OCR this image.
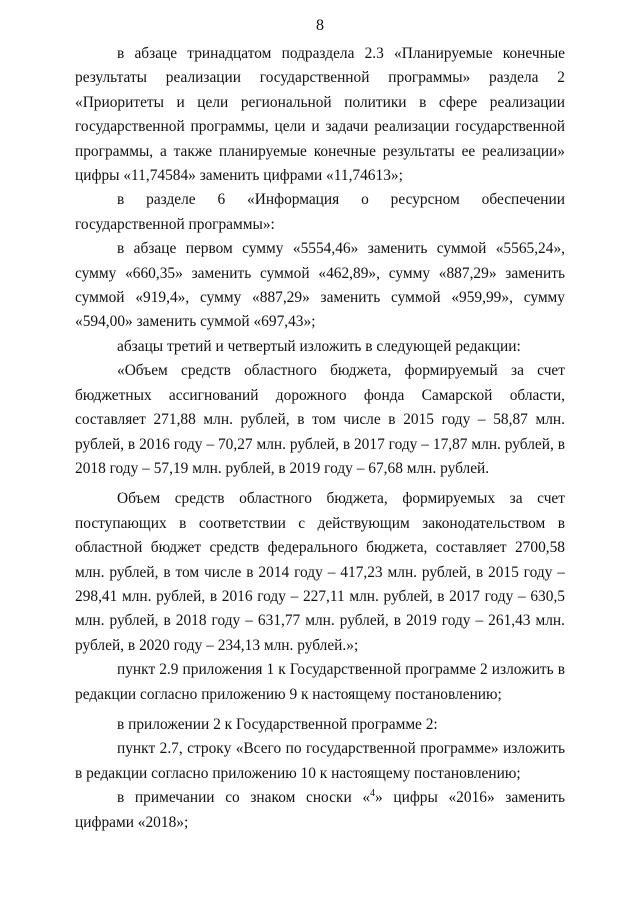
8

в абзаце тринадцатом подраздела 2.3 «Планируемые конечные результаты реализации государственной программы» раздела 2 «Приоритеты и цели региональной политики в сфере реализации государственной программы, цели и задачи реализации государственной программы, а также планируемые конечные результаты ее реализации» цифры «11,74584» заменить цифрами «11,74613»;

в разделе 6 «Информация о ресурсном обеспечении государственной программы»:

в абзаце первом сумму «5554,46» заменить суммой «5565,24», сумму «660,35» заменить суммой «462,89», сумму «887,29» заменить суммой «919,4», сумму «887,29» заменить суммой «959,99», сумму «594,00» заменить суммой «697,43»;

абзацы третий и четвертый изложить в следующей редакции:

«Объем средств областного бюджета, формируемый за счет бюджетных ассигнований дорожного фонда Самарской области, составляет 271,88 млн. рублей, в том числе в 2015 году – 58,87 млн. рублей, в 2016 году – 70,27 млн. рублей, в 2017 году – 17,87 млн. рублей, в 2018 году – 57,19 млн. рублей, в 2019 году – 67,68 млн. рублей.

Объем средств областного бюджета, формируемых за счет поступающих в соответствии с действующим законодательством в областной бюджет средств федерального бюджета, составляет 2700,58 млн. рублей, в том числе в 2014 году – 417,23 млн. рублей, в 2015 году – 298,41 млн. рублей, в 2016 году – 227,11 млн. рублей, в 2017 году – 630,5 млн. рублей, в 2018 году – 631,77 млн. рублей, в 2019 году – 261,43 млн. рублей, в 2020 году – 234,13 млн. рублей.»;

пункт 2.9 приложения 1 к Государственной программе 2 изложить в редакции согласно приложению 9 к настоящему постановлению;

в приложении 2 к Государственной программе 2:

пункт 2.7, строку «Всего по государственной программе» изложить в редакции согласно приложению 10 к настоящему постановлению;

в примечании со знаком сноски «$^4$» цифры «2016» заменить цифрами «2018»;
